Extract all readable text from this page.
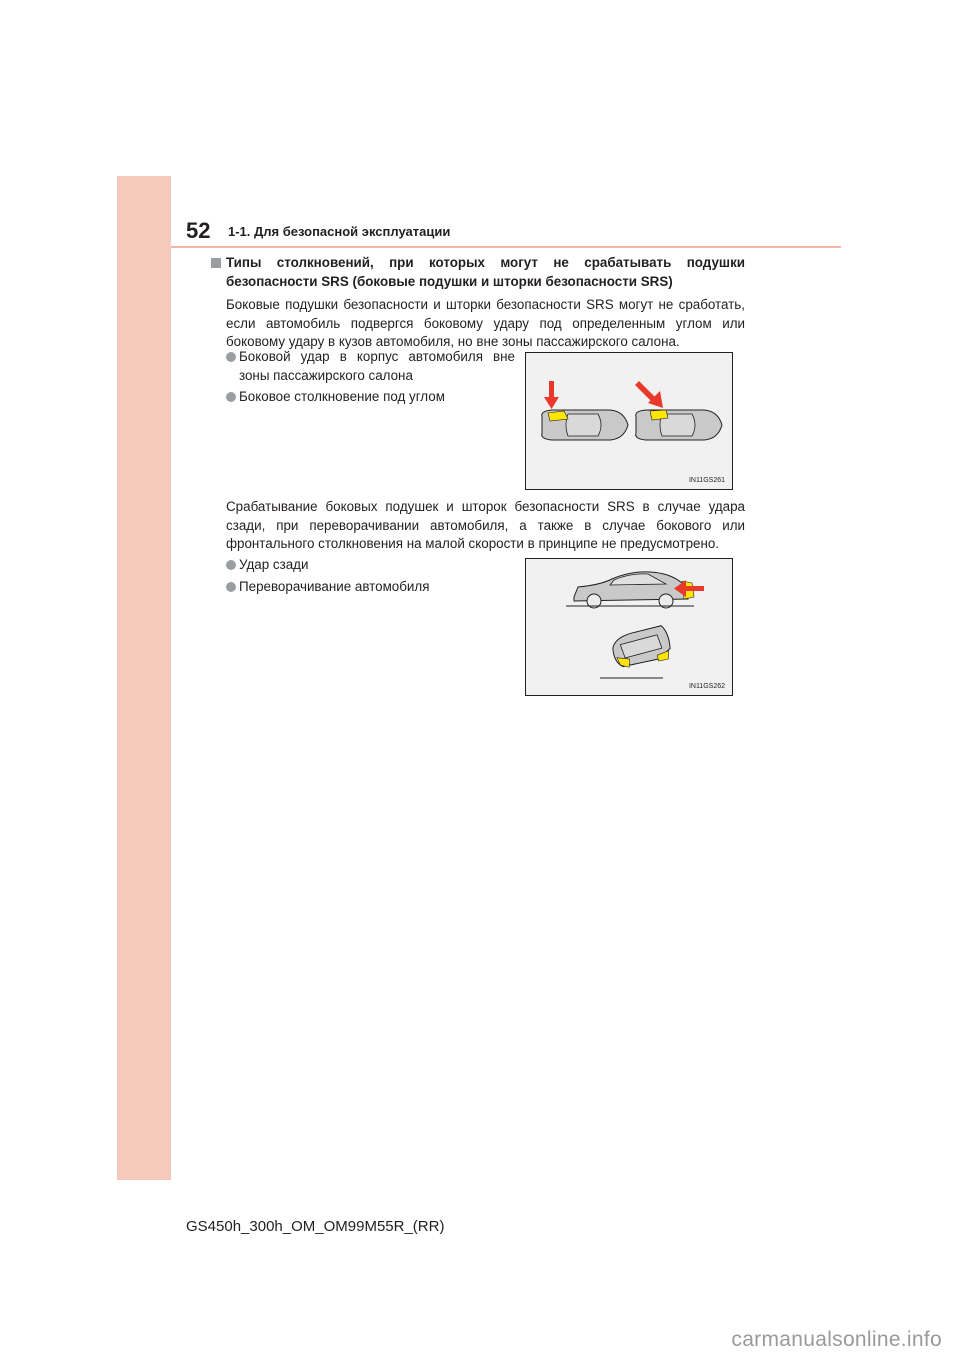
52 1-1. Для безопасной эксплуатации
Типы столкновений, при которых могут не срабатывать подушки безопасности SRS (боковые подушки и шторки безопасности SRS)
Боковые подушки безопасности и шторки безопасности SRS могут не сработать, если автомобиль подвергся боковому удару под определенным углом или боковому удару в кузов автомобиля, но вне зоны пассажирского салона.
Боковой удар в корпус автомобиля вне зоны пассажирского салона
Боковое столкновение под углом
IN11GS261
Срабатывание боковых подушек и шторок безопасности SRS в случае удара сзади, при переворачивании автомобиля, а также в случае бокового или фронтального столкновения на малой скорости в принципе не предусмотрено.
Удар сзади
Переворачивание автомобиля
IN11GS262
GS450h_300h_OM_OM99M55R_(RR)
carmanualsonline.info
